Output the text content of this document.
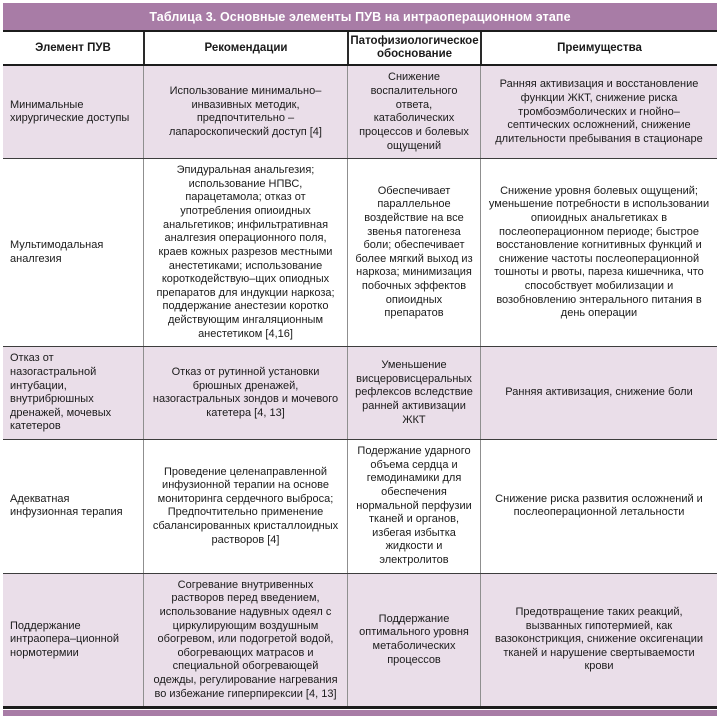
Таблица 3. Основные элементы ПУВ на интраоперационном этапе
Элемент ПУВ	Рекомендации
Патофизиологическое обоснование
Преимущества
Минимальные хирургические доступы
Использование минимально–инвазивных методик, предпочтительно – лапароскопический доступ [4]
Снижение воспалительного ответа, катаболических процессов и болевых ощущений
Ранняя активизация и восстановление функции ЖКТ, снижение риска тромбоэмболических и гнойно–септических осложнений, снижение длительности пребывания в стационаре
Мультимодальная аналгезия
Эпидуральная анальгезия; использование НПВС, парацетамола; отказ от употребления опиоидных анальгетиков; инфильтративная аналгезия операционного поля, краев кожных разрезов местными анестетиками; использование короткодействую–щих опиодных препаратов для индукции наркоза; поддержание анестезии коротко действующим ингаляционным анестетиком [4,16]
Обеспечивает параллельное воздействие на все звенья патогенеза боли; обеспечивает более мягкий выход из наркоза; минимизация побочных эффектов опиоидных препаратов
Снижение уровня болевых ощущений; уменьшение потребности в использовании опиоидных анальгетиках в послеоперационном периоде; быстрое восстановление когнитивных функций и снижение частоты послеоперационной тошноты и рвоты, пареза кишечника, что способствует мобилизации и возобновлению энтерального питания в день операции
Отказ от назогастральной интубации, внутрибрюшных дренажей, мочевых катетеров
Отказ от рутинной установки брюшных дренажей, назогастральных зондов и мочевого катетера [4, 13]
Уменьшение висцеровисцеральных рефлексов вследствие ранней активизации ЖКТ
Ранняя активизация, снижение боли
Адекватная инфузионная терапия
Проведение целенаправленной инфузионной терапии на основе мониторинга сердечного выброса; Предпочтительно применение сбалансированных кристаллоидных растворов [4]
Подержание ударного объема сердца и гемодинамики для обеспечения нормальной перфузии тканей и органов, избегая избытка жидкости и электролитов
Снижение риска развития осложнений и послеоперационной летальности
Поддержание интраопера–ционной нормотермии
Согревание внутривенных растворов перед введением, использование надувных одеял с циркулирующим воздушным обогревом, или подогретой водой, обогревающих матрасов и специальной обогревающей одежды, регулирование нагревания во избежание гиперпирексии [4, 13]
Поддержание оптимального уровня метаболических процессов
Предотвращение таких реакций, вызванных гипотермией, как вазоконстрикция, снижение оксигенации тканей и нарушение свертываемости крови
